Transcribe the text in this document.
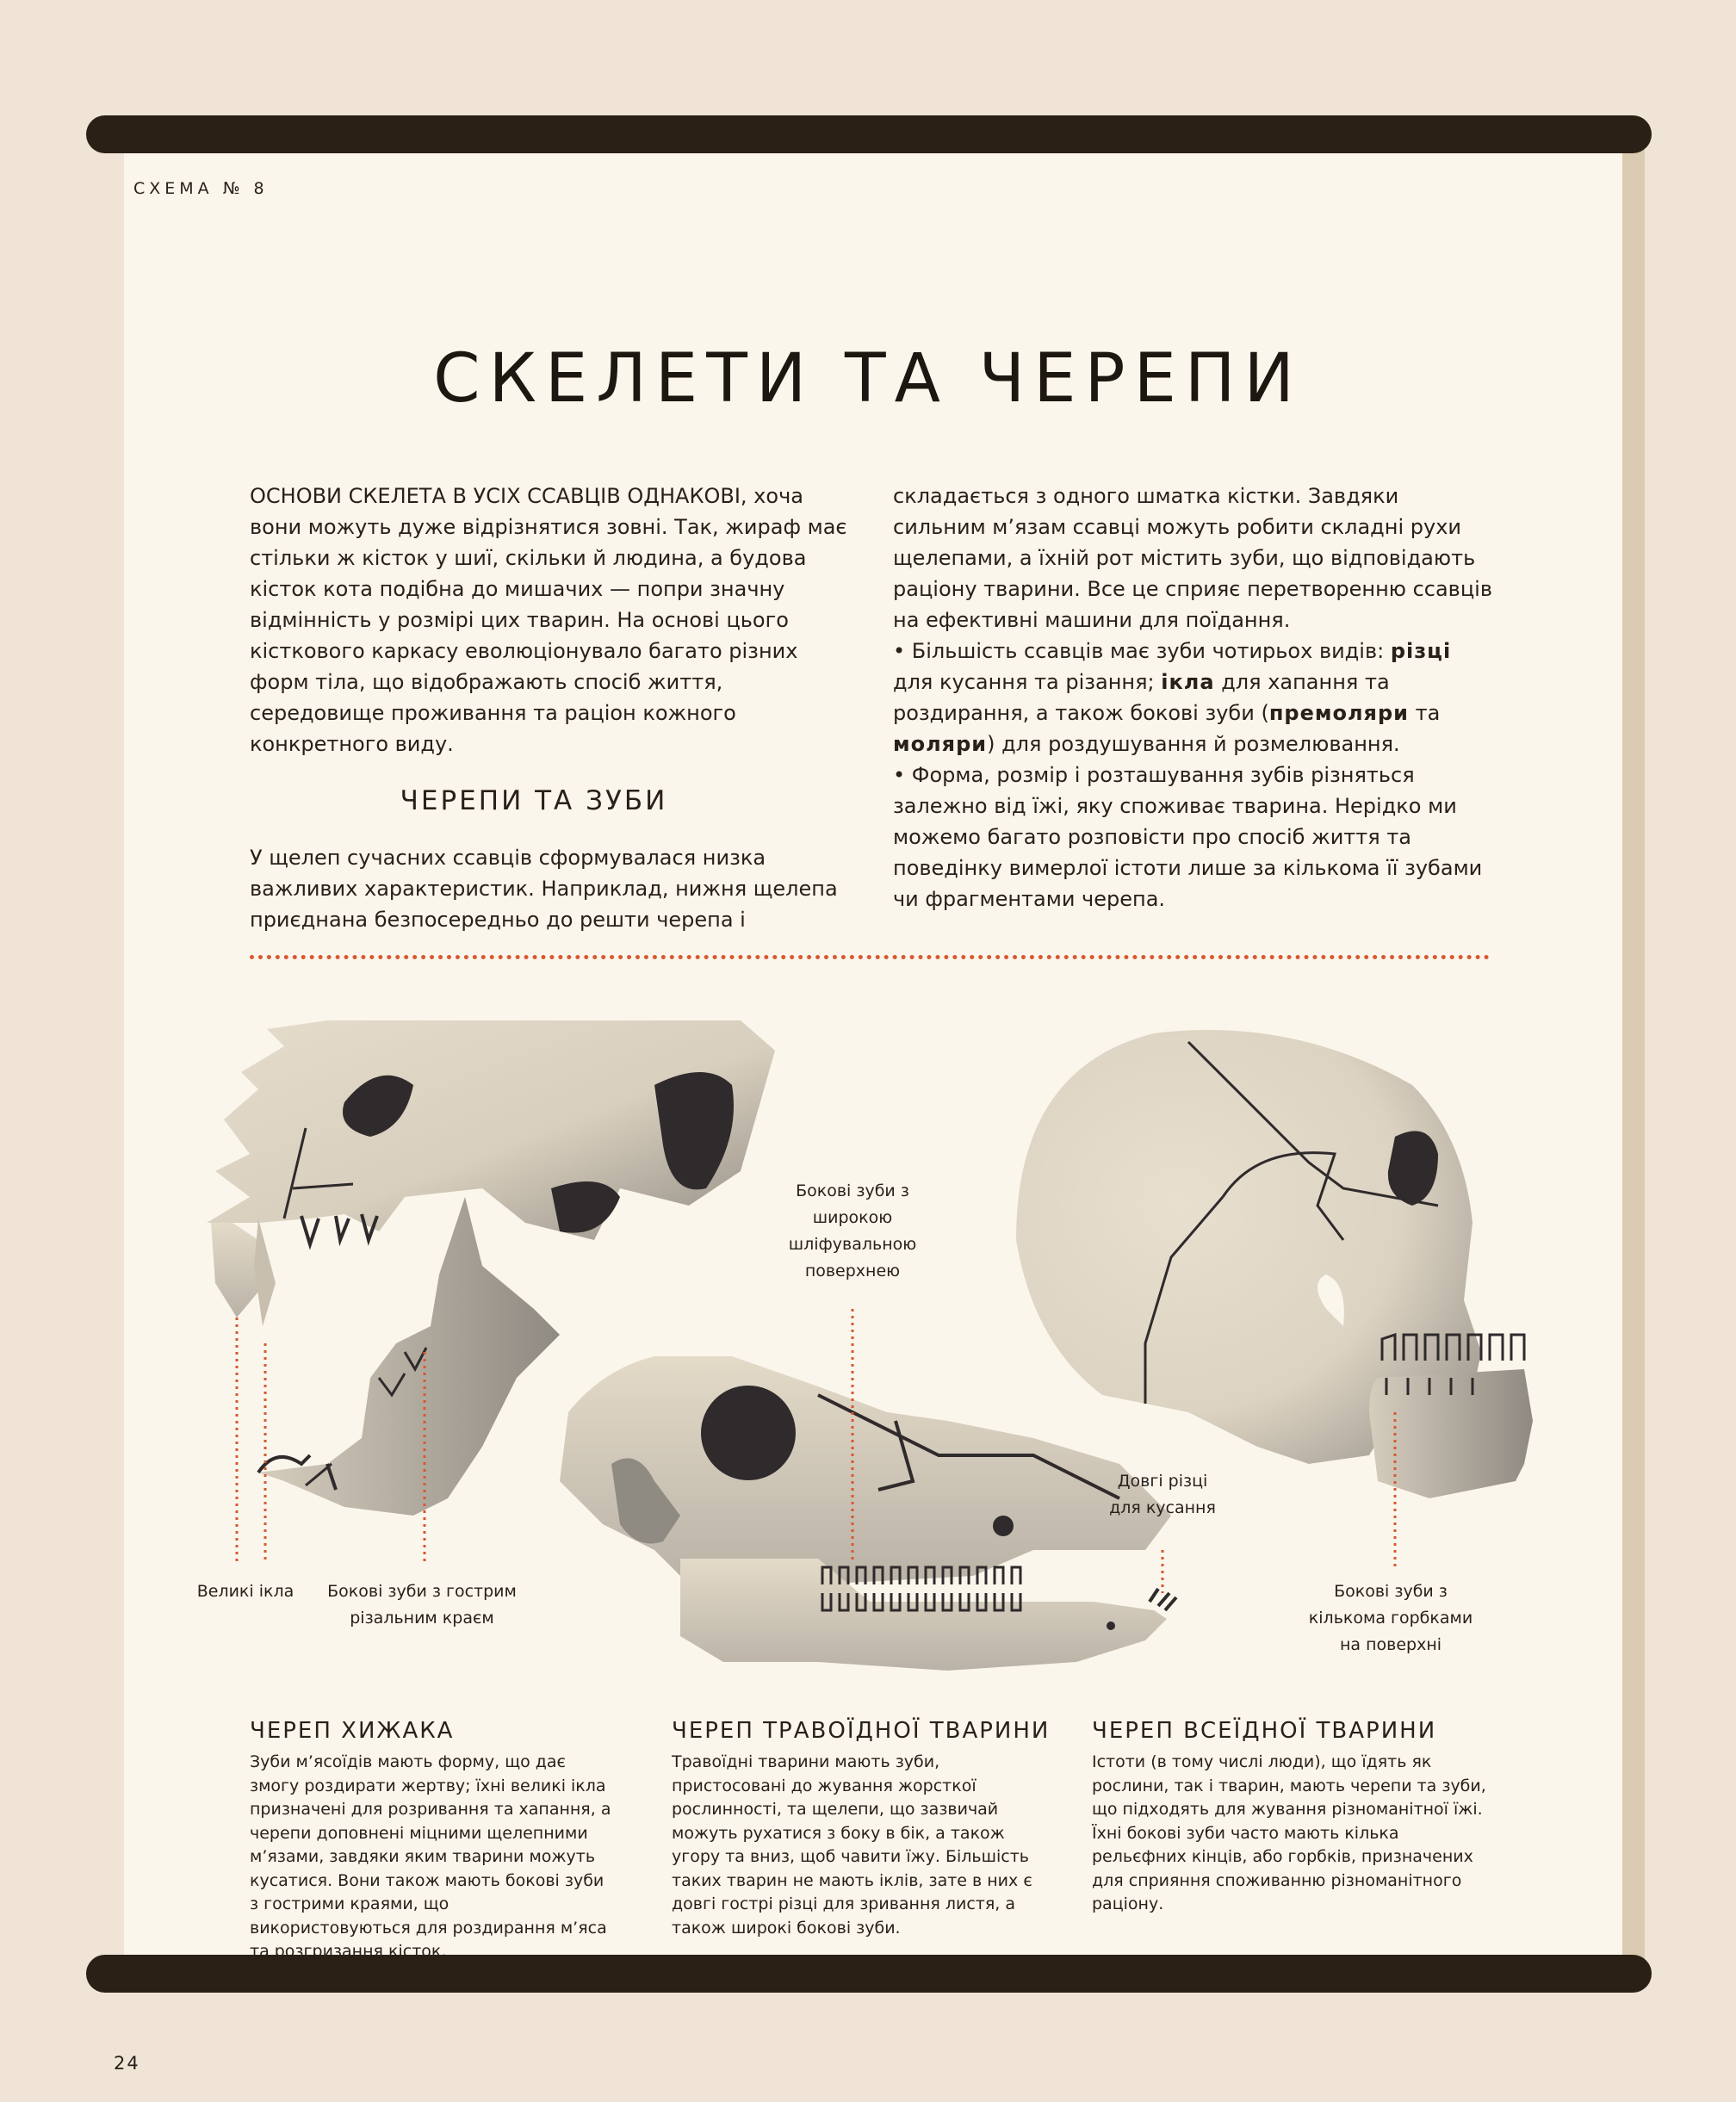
СХЕМА № 8
СКЕЛЕТИ ТА ЧЕРЕПИ

ОСНОВИ СКЕЛЕТА В УСІХ ССАВЦІВ ОДНАКОВІ, хоча вони можуть дуже відрізнятися зовні. Так, жираф має стільки ж кісток у шиї, скільки й людина, а будова кісток кота подібна до мишачих — попри значну відмінність у розмірі цих тварин. На основі цього кісткового каркасу еволюціонувало багато різних форм тіла, що відображають спосіб життя, середовище проживання та раціон кожного конкретного виду.

ЧЕРЕПИ ТА ЗУБИ

У щелеп сучасних ссавців сформувалася низка важливих характеристик. Наприклад, нижня щелепа приєднана безпосередньо до решти черепа і

складається з одного шматка кістки. Завдяки сильним м’язам ссавці можуть робити складні рухи щелепами, а їхній рот містить зуби, що відповідають раціону тварини. Все це сприяє перетворенню ссавців на ефективні машини для поїдання.

• Більшість ссавців має зуби чотирьох видів: різці для кусання та різання; ікла для хапання та роздирання, а також бокові зуби (премоляри та моляри) для роздушування й розмелювання.

• Форма, розмір і розташування зубів різняться залежно від їжі, яку споживає тварина. Нерідко ми можемо багато розповісти про спосіб життя та поведінку вимерлої істоти лише за кількома її зубами чи фрагментами черепа.

Великі ікла	Бокові зуби з гострим різальним краєм
Бокові зуби з широкою шліфувальною поверхнею
Довгі різці для кусання
Бокові зуби з кількома горбками на поверхні
ЧЕРЕП ХИЖАКА

Зуби м’ясоїдів мають форму, що дає змогу роздирати жертву; їхні великі ікла призначені для розривання та хапання, а черепи доповнені міцними щелепними м’язами, завдяки яким тварини можуть кусатися. Вони також мають бокові зуби з гострими краями, що використовуються для роздирання м’яса та розгризання кісток.

ЧЕРЕП ТРАВОЇДНОЇ ТВАРИНИ

Травоїдні тварини мають зуби, пристосовані до жування жорсткої рослинності, та щелепи, що зазвичай можуть рухатися з боку в бік, а також угору та вниз, щоб чавити їжу. Більшість таких тварин не мають іклів, зате в них є довгі гострі різці для зривання листя, а також широкі бокові зуби.

ЧЕРЕП ВСЕЇДНОЇ ТВАРИНИ

Істоти (в тому числі люди), що їдять як рослини, так і тварин, мають черепи та зуби, що підходять для жування різноманітної їжі. Їхні бокові зуби часто мають кілька рельєфних кінців, або горбків, призначених для сприяння споживанню різноманітного раціону.

24
